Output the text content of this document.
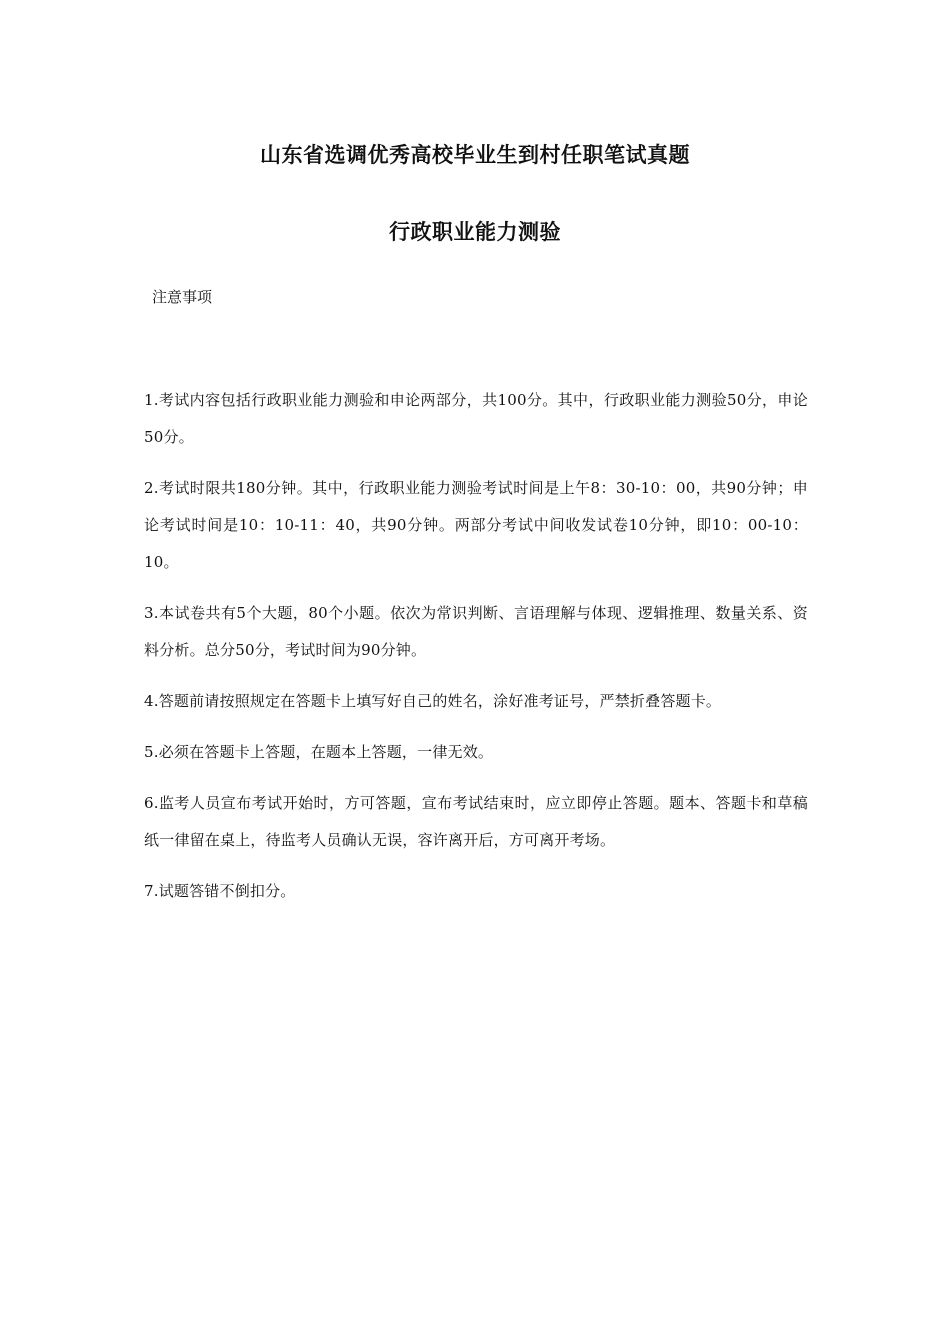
山东省选调优秀高校毕业生到村任职笔试真题
行政职业能力测验

注意事项

1.考试内容包括行政职业能力测验和申论两部分，共100分。其中，行政职业能力测验50分，申论50分。

2.考试时限共180分钟。其中，行政职业能力测验考试时间是上午8：30-10：00，共90分钟；申论考试时间是10：10-11：40，共90分钟。两部分考试中间收发试卷10分钟，即10：00-10：10。

3.本试卷共有5个大题，80个小题。依次为常识判断、言语理解与体现、逻辑推理、数量关系、资料分析。总分50分，考试时间为90分钟。

4.答题前请按照规定在答题卡上填写好自己的姓名，涂好准考证号，严禁折叠答题卡。

5.必须在答题卡上答题，在题本上答题，一律无效。

6.监考人员宣布考试开始时，方可答题，宣布考试结束时，应立即停止答题。题本、答题卡和草稿纸一律留在桌上，待监考人员确认无误，容许离开后，方可离开考场。

7.试题答错不倒扣分。
